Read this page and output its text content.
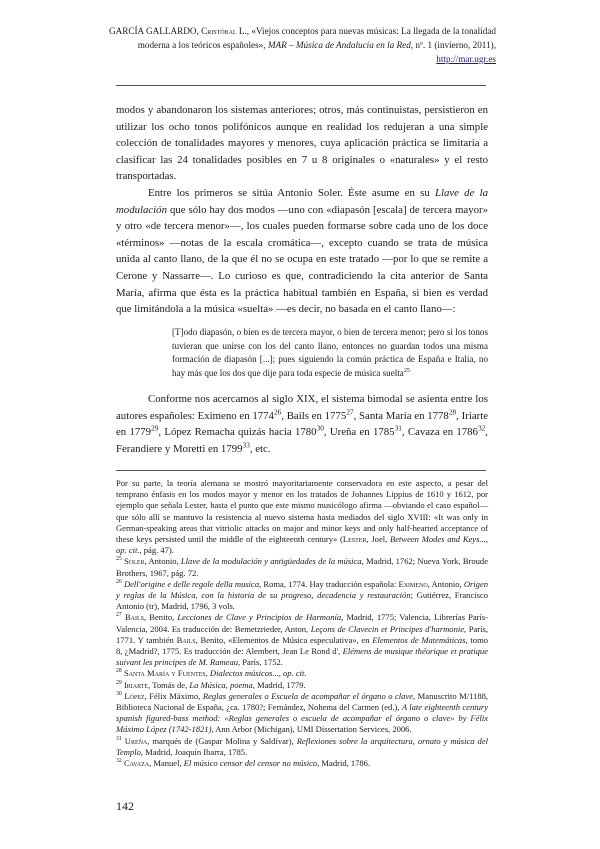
GARCÍA GALLARDO, Cristóbal L., «Viejos conceptos para nuevas músicas: La llegada de la tonalidad moderna a los teóricos españoles», MAR – Música de Andalucía en la Red, nº. 1 (invierno, 2011), http://mar.ugr.es

modos y abandonaron los sistemas anteriores; otros, más continuistas, persistieron en utilizar los ocho tonos polifónicos aunque en realidad los redujeran a una simple colección de tonalidades mayores y menores, cuya aplicación práctica se limitaría a clasificar las 24 tonalidades posibles en 7 u 8 originales o «naturales» y el resto transportadas.

Entre los primeros se sitúa Antonio Soler. Éste asume en su Llave de la modulación que sólo hay dos modos —uno con «diapasón [escala] de tercera mayor» y otro «de tercera menor»—, los cuales pueden formarse sobre cada uno de los doce «términos» —notas de la escala cromática—, excepto cuando se trata de música unida al canto llano, de la que él no se ocupa en este tratado —por lo que se remite a Cerone y Nassarre—. Lo curioso es que, contradiciendo la cita anterior de Santa María, afirma que ésta es la práctica habitual también en España, si bien es verdad que limitándola a la música «suelta» —es decir, no basada en el canto llano—:

[T]odo diapasón, o bien es de tercera mayor, o bien de tercera menor; pero si los tonos tuvieran que unirse con los del canto llano, entonces no guardan todos una misma formación de diapasón [...]; pues siguiendo la común práctica de España e Italia, no hay más que los dos que dije para toda especie de música suelta$^{25}$

Conforme nos acercamos al siglo XIX, el sistema bimodal se asienta entre los autores españoles: Eximeno en 1774$^{26}$, Bails en 1775$^{27}$, Santa María en 1778$^{28}$, Iriarte en 1779$^{29}$, López Remacha quizás hacia 1780$^{30}$, Ureña en 1785$^{31}$, Cavaza en 1786$^{32}$, Ferandiere y Moretti en 1799$^{33}$, etc.

Por su parte, la teoría alemana se mostró mayoritariamente conservadora en este aspecto, a pesar del temprano énfasis en los modos mayor y menor en los tratados de Johannes Lippius de 1610 y 1612, por ejemplo que señala Lester, hasta el punto que este mismo musicólogo afirma —obviando el caso español— que sólo allí se mantuvo la resistencia al nuevo sistema hasta mediados del siglo XVIII: «It was only in German-speaking areas that vitriolic attacks on major and minor keys and only half-hearted acceptance of these keys persisted until the middle of the eighteenth century» (Lester, Joel, Between Modes and Keys..., op. cit., pág. 47).

$^{25}$ Soler, Antonio, Llave de la modulación y antigüedades de la música, Madrid, 1762; Nueva York, Broude Brothers, 1967, pág. 72.

$^{26}$ Dell'origine e delle regole della musica, Roma, 1774. Hay traducción española: Eximeno, Antonio, Origen y reglas de la Música, con la historia de su progreso, decadencia y restauración; Gutiérrez, Francisco Antonio (tr), Madrid, 1796, 3 vols.

$^{27}$ Bails, Benito, Lecciones de Clave y Principios de Harmonía, Madrid, 1775; Valencia, Librerías París-Valencia, 2004. Es traducción de: Bemetzrieder, Anton, Leçons de Clavecin et Principes d'harmonie, París, 1771. Y también Bails, Benito, «Elementos de Música especulativa», en Elementos de Matemáticas, tomo 8, ¿Madrid?, 1775. Es traducción de: Alembert, Jean Le Rond d', Elémens de musique théorique et pratique suivant les principes de M. Rameau, París, 1752.

$^{28}$ Santa María y Fuentes, Dialectos músicos..., op. cit.

$^{29}$ Iriarte, Tomás de, La Música, poema, Madrid, 1779.

$^{30}$ López, Félix Máximo, Reglas generales o Escuela de acompañar el órgano o clave, Manuscrito M/1188, Biblioteca Nacional de España, ¿ca. 1780?; Fernández, Nohema del Carmen (ed.), A late eighteenth century spanish figured-bass method: «Reglas generales o escuela de acompañar el órgano o clave» by Félix Máximo López (1742-1821), Ann Arbor (Michigan), UMI Dissertation Services, 2006.

$^{31}$ Ureña, marqués de (Gaspar Molina y Saldívar), Reflexiones sobre la arquitectura, ornato y música del Templo, Madrid, Joaquín Ibarra, 1785.

$^{32}$ Cavaza, Manuel, El músico censor del censor no músico, Madrid, 1786.

142
